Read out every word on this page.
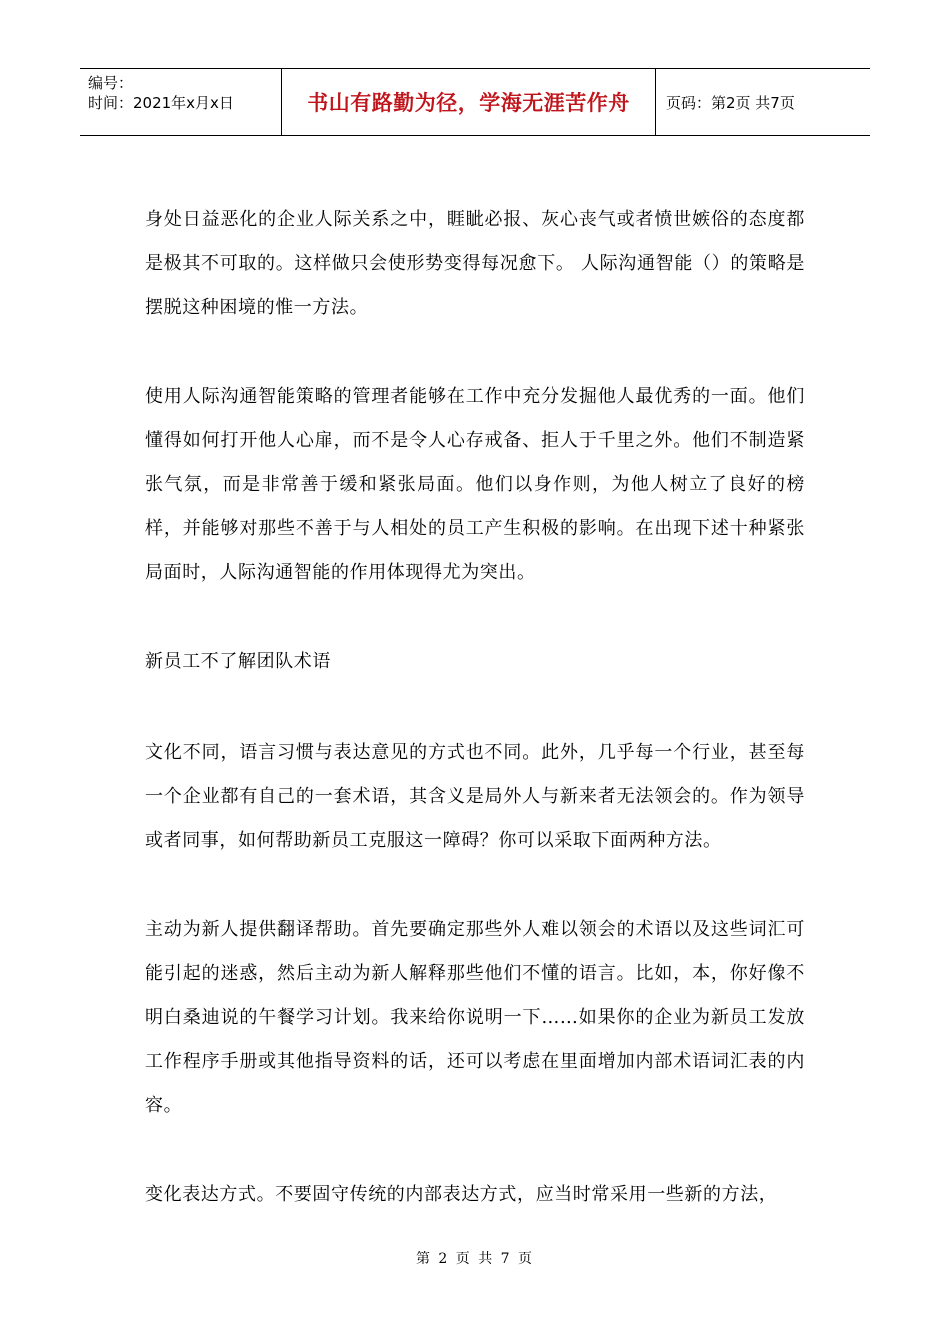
编号：
时间：2021年x月x日	书山有路勤为径，学海无涯苦作舟	页码：第2页 共7页

身处日益恶化的企业人际关系之中，睚眦必报、灰心丧气或者愤世嫉俗的态度都是极其不可取的。这样做只会使形势变得每况愈下。 人际沟通智能（）的策略是摆脱这种困境的惟一方法。

使用人际沟通智能策略的管理者能够在工作中充分发掘他人最优秀的一面。他们懂得如何打开他人心扉，而不是令人心存戒备、拒人于千里之外。他们不制造紧张气氛，而是非常善于缓和紧张局面。他们以身作则，为他人树立了良好的榜样，并能够对那些不善于与人相处的员工产生积极的影响。在出现下述十种紧张局面时，人际沟通智能的作用体现得尤为突出。

新员工不了解团队术语

文化不同，语言习惯与表达意见的方式也不同。此外，几乎每一个行业，甚至每一个企业都有自己的一套术语，其含义是局外人与新来者无法领会的。作为领导或者同事，如何帮助新员工克服这一障碍？你可以采取下面两种方法。

主动为新人提供翻译帮助。首先要确定那些外人难以领会的术语以及这些词汇可能引起的迷惑，然后主动为新人解释那些他们不懂的语言。比如，本，你好像不明白桑迪说的午餐学习计划。我来给你说明一下……如果你的企业为新员工发放工作程序手册或其他指导资料的话，还可以考虑在里面增加内部术语词汇表的内容。

变化表达方式。不要固守传统的内部表达方式，应当时常采用一些新的方法，

第 2 页 共 7 页
